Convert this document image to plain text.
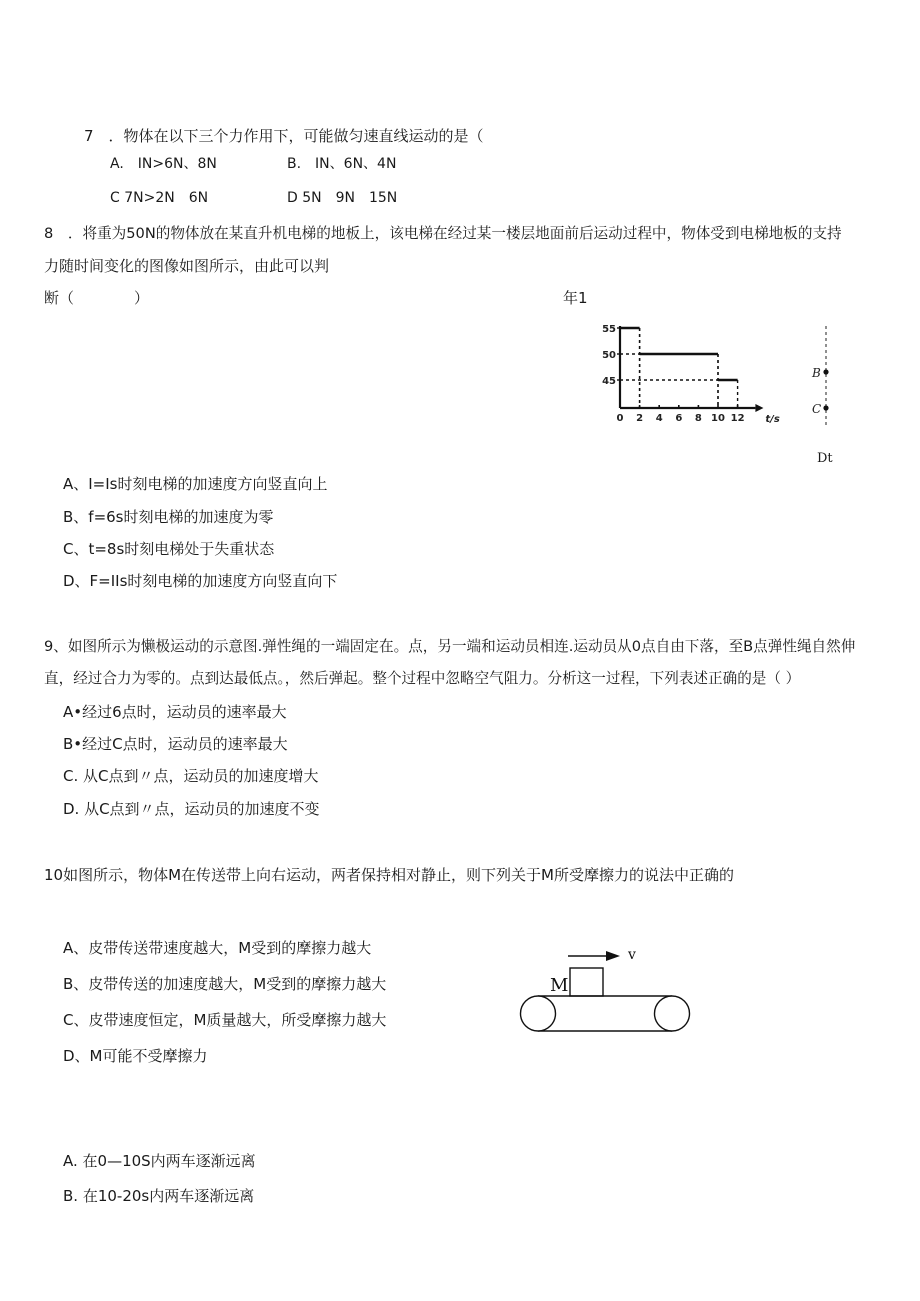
7　．物体在以下三个力作用下，可能做匀速直线运动的是（
A.　IN>6N、8N	B.　IN、6N、4N
C 7N>2N　6N	D 5N　9N　15N
8　．将重为50N的物体放在某直升机电梯的地板上，该电梯在经过某一楼层地面前后运动过程中，物体受到电梯地板的支持
力随时间变化的图像如图所示，由此可以判
断（　　　　）	年1
0 2 4 6 8 10 12 t/s
55
50
45
B
C
Dt
A、I=Is时刻电梯的加速度方向竖直向上
B、f=6s时刻电梯的加速度为零
C、t=8s时刻电梯处于失重状态
D、F=IIs时刻电梯的加速度方向竖直向下
9、如图所示为懒极运动的示意图.弹性绳的一端固定在。点，另一端和运动员相连.运动员从0点自由下落，至B点弹性绳自然伸
直，经过合力为零的。点到达最低点。，然后弹起。整个过程中忽略空气阻力。分析这一过程，下列表述正确的是（ ）
A•经过6点时，运动员的速率最大
B•经过C点时，运动员的速率最大
C. 从C点到〃点，运动员的加速度增大
D. 从C点到〃点，运动员的加速度不变
10如图所示，物体M在传送带上向右运动，两者保持相对静止，则下列关于M所受摩擦力的说法中正确的
A、皮带传送带速度越大，M受到的摩擦力越大
B、皮带传送的加速度越大，M受到的摩擦力越大
C、皮带速度恒定，M质量越大，所受摩擦力越大
D、M可能不受摩擦力
v
M
A. 在0—10S内两车逐渐远离
B. 在10-20s内两车逐渐远离
